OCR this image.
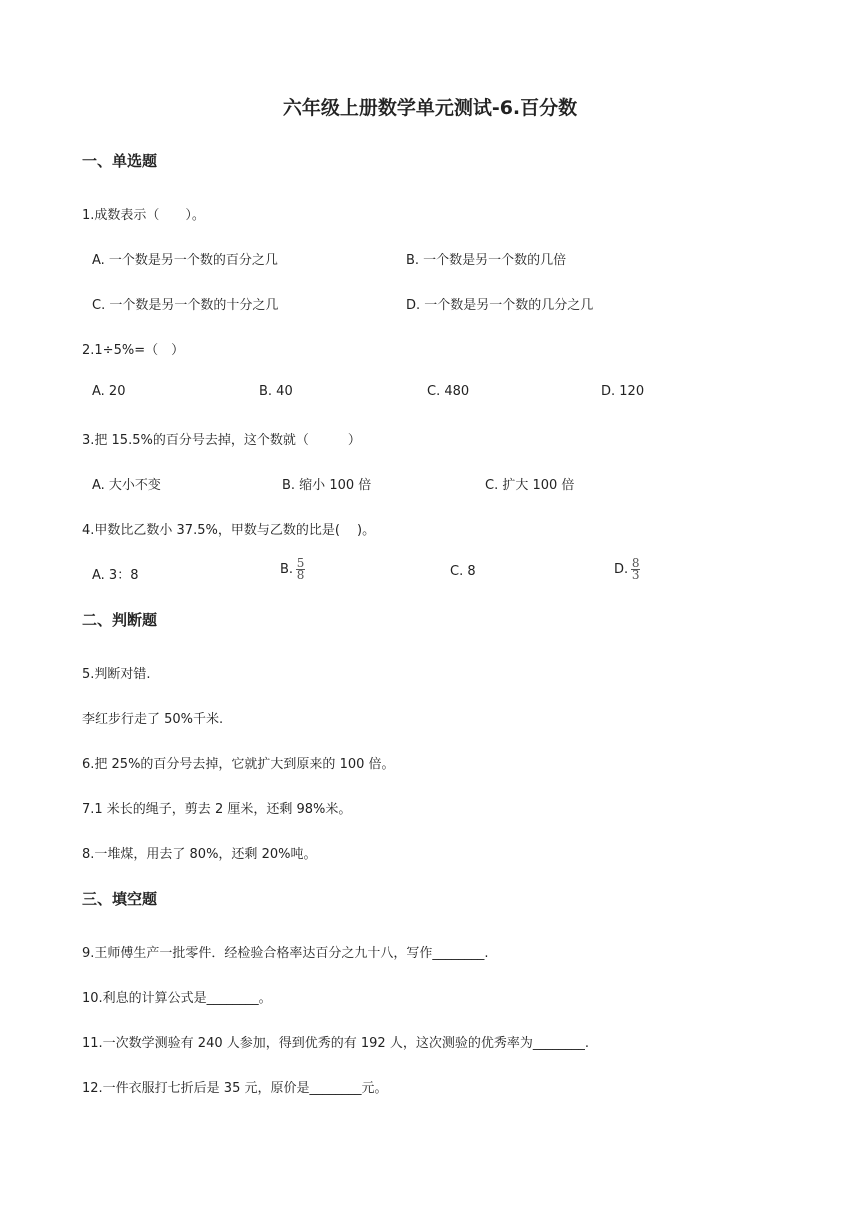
六年级上册数学单元测试-6.百分数
一、单选题
1.成数表示（　　）。
A. 一个数是另一个数的百分之几	B. 一个数是另一个数的几倍
C. 一个数是另一个数的十分之几	D. 一个数是另一个数的几分之几
2.1÷5%=（　）
A. 20	B. 40	C. 480	D. 120
3.把 15.5%的百分号去掉，这个数就（　　　）
A. 大小不变	B. 缩小 100 倍	C. 扩大 100 倍
4.甲数比乙数小 37.5%，甲数与乙数的比是(　 )。
A. 3：8	B. $\frac{5}{8}$	C. 8	D. $\frac{8}{3}$
二、判断题
5.判断对错.
李红步行走了 50%千米.
6.把 25%的百分号去掉，它就扩大到原来的 100 倍。
7.1 米长的绳子，剪去 2 厘米，还剩 98%米。
8.一堆煤，用去了 80%，还剩 20%吨。
三、填空题
9.王师傅生产一批零件．经检验合格率达百分之九十八，写作________.
10.利息的计算公式是________。
11.一次数学测验有 240 人参加，得到优秀的有 192 人，这次测验的优秀率为________.
12.一件衣服打七折后是 35 元，原价是________元。
